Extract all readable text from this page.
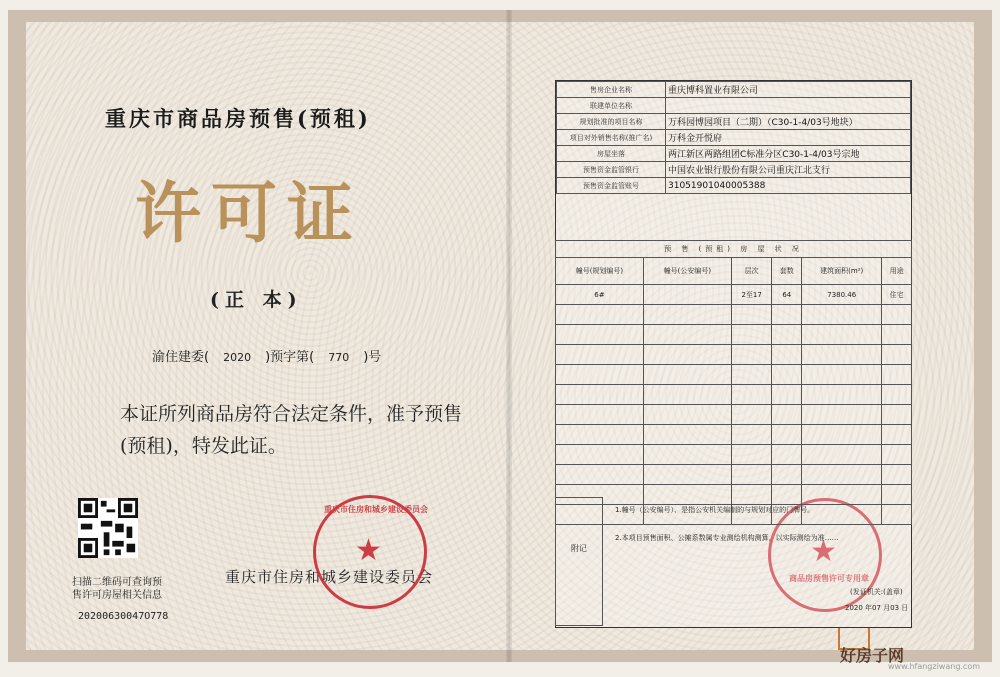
重庆市商品房预售(预租)
许可证
(正 本)
渝住建委( 2020 )预字第( 770 )号
本证所列商品房符合法定条件，准予预售(预租)，特发此证。
扫描二维码可查询预
售许可房屋相关信息
20200630047O778
重庆市住房和城乡建设委员会
★
重庆市住房和城乡建设委员会
★
商品房预售许可专用章
售房企业名称	重庆博科置业有限公司
联建单位名称	
规划批准的项目名称	万科园博园项目（二期）（C30-1-4/03号地块）
项目对外销售名称(推广名)	万科金开悦府
房屋坐落	两江新区两路组团C标准分区C30-1-4/03号宗地
预售资金监管银行	中国农业银行股份有限公司重庆江北支行
预售资金监管账号	31051901040005388
预 售 (预租) 房 屋 状 况					
幢号(规划编号)	幢号(公安编号)	层次	套数	建筑面积(m²)	用途
6#		2至17	64	7380.46	住宅

附记
1.幢号（公安编号）、是指公安机关编制的与规划对应的门牌号。
2.本项目预售面积、公摊系数属专业测绘机构测算，以实际测绘为准……
(发证机关:(盖章)
2020 年07 月03 日
好房子网
www.hfangziwang.com
